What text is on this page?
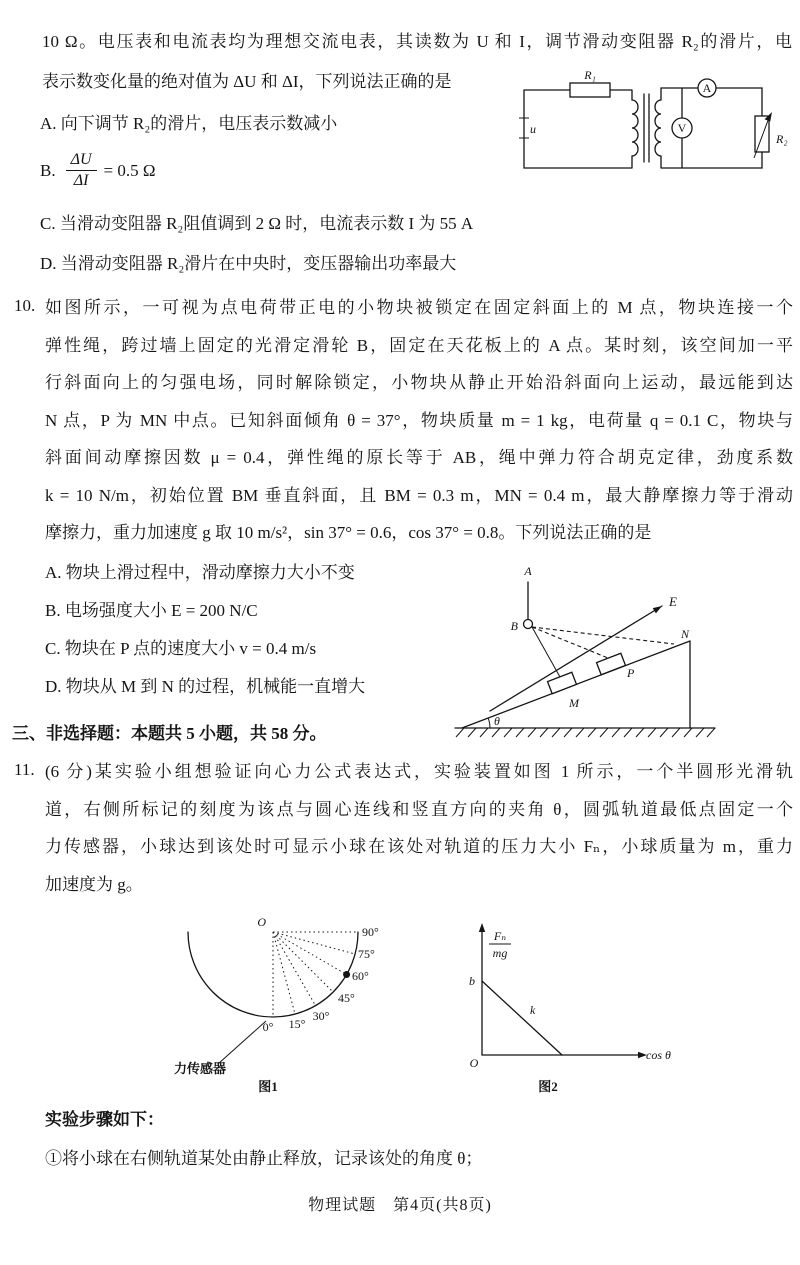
10 Ω。电压表和电流表均为理想交流电表，其读数为 U 和 I，调节滑动变阻器 R₂的滑片，电
表示数变化量的绝对值为 ΔU 和 ΔI，下列说法正确的是
A. 向下调节 R₂的滑片，电压表示数减小
B. $\frac{\Delta U}{\Delta I} = 0.5$ Ω
C. 当滑动变阻器 R₂阻值调到 2 Ω 时，电流表示数 I 为 55 A
D. 当滑动变阻器 R₂滑片在中央时，变压器输出功率最大
R₁
u
A
V
R₂
10. 如图所示，一可视为点电荷带正电的小物块被锁定在固定斜面上的 M 点，物块连接一个
弹性绳，跨过墙上固定的光滑定滑轮 B，固定在天花板上的 A 点。某时刻，该空间加一平
行斜面向上的匀强电场，同时解除锁定，小物块从静止开始沿斜面向上运动，最远能到达
N 点，P 为 MN 中点。已知斜面倾角 θ = 37°，物块质量 m = 1 kg，电荷量 q = 0.1 C，物块与
斜面间动摩擦因数 μ = 0.4，弹性绳的原长等于 AB，绳中弹力符合胡克定律，劲度系数
k = 10 N/m，初始位置 BM 垂直斜面，且 BM = 0.3 m，MN = 0.4 m，最大静摩擦力等于滑动
摩擦力，重力加速度 g 取 10 m/s²，sin 37° = 0.6，cos 37° = 0.8。下列说法正确的是
A. 物块上滑过程中，滑动摩擦力大小不变
B. 电场强度大小 E = 200 N/C
C. 物块在 P 点的速度大小 v = 0.4 m/s
D. 物块从 M 到 N 的过程，机械能一直增大
E
A
B
M
P
N
θ
三、非选择题：本题共 5 小题，共 58 分。
11. (6 分)某实验小组想验证向心力公式表达式，实验装置如图 1 所示，一个半圆形光滑轨
道，右侧所标记的刻度为该点与圆心连线和竖直方向的夹角 θ，圆弧轨道最低点固定一个
力传感器，小球达到该处时可显示小球在该处对轨道的压力大小 Fₙ，小球质量为 m，重力
加速度为 g。
O
90°
75°
60°
45°
30°
15°
0°
力传感器
图1
Fₙ
mg
b
k
O
cos θ
图2
实验步骤如下：
①将小球在右侧轨道某处由静止释放，记录该处的角度 θ；
物理试题　第4页(共8页)
